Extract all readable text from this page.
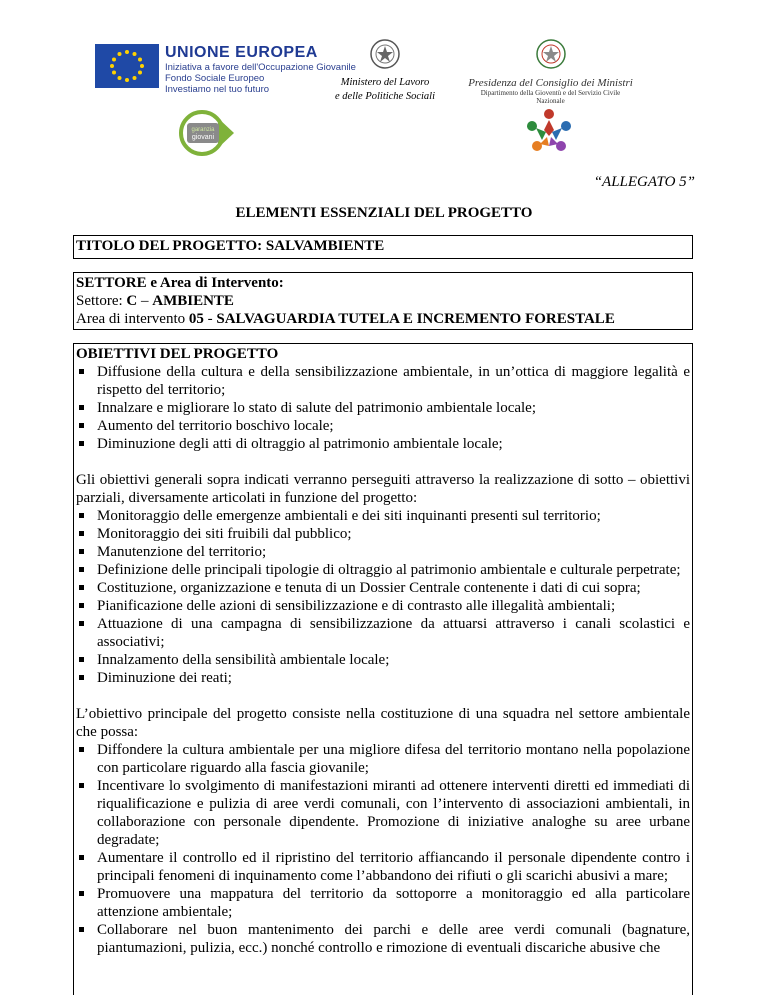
UNIONE EUROPEA
Iniziativa a favore dell'Occupazione Giovanile
Fondo Sociale Europeo
Investiamo nel tuo futuro
Ministero del Lavoro
e delle Politiche Sociali
Presidenza del Consiglio dei Ministri
Dipartimento della Gioventù e del Servizio Civile Nazionale
garanzia
giovani
“ALLEGATO 5”
ELEMENTI ESSENZIALI DEL PROGETTO
TITOLO DEL PROGETTO: SALVAMBIENTE
SETTORE e Area di Intervento:
Settore: C – AMBIENTE
Area di intervento 05 - SALVAGUARDIA TUTELA E INCREMENTO FORESTALE
OBIETTIVI DEL PROGETTO
Diffusione della cultura e della sensibilizzazione ambientale, in un’ottica di maggiore legalità e rispetto del territorio;
Innalzare e migliorare lo stato di salute del patrimonio ambientale locale;
Aumento del territorio boschivo locale;
Diminuzione degli atti di oltraggio al patrimonio ambientale locale;

Gli obiettivi generali sopra indicati verranno perseguiti attraverso la realizzazione di sotto – obiettivi parziali, diversamente articolati in funzione del progetto:

Monitoraggio delle emergenze ambientali e dei siti inquinanti presenti sul territorio;
Monitoraggio dei siti fruibili dal pubblico;
Manutenzione del territorio;
Definizione delle principali tipologie di oltraggio al patrimonio ambientale e culturale perpetrate;
Costituzione, organizzazione e tenuta di un Dossier Centrale contenente i dati di cui sopra;
Pianificazione delle azioni di sensibilizzazione e di contrasto alle illegalità ambientali;
Attuazione di una campagna di sensibilizzazione da attuarsi attraverso i canali scolastici e associativi;
Innalzamento della sensibilità ambientale locale;
Diminuzione dei reati;

L’obiettivo principale del progetto consiste nella costituzione di una squadra nel settore ambientale che possa:

Diffondere la cultura ambientale per una migliore difesa del territorio montano nella popolazione con particolare riguardo alla fascia giovanile;
Incentivare lo svolgimento di manifestazioni miranti ad ottenere interventi diretti ed immediati di riqualificazione e pulizia di aree verdi comunali, con l’intervento di associazioni ambientali, in collaborazione con personale dipendente. Promozione di iniziative analoghe su aree urbane degradate;
Aumentare il controllo ed il ripristino del territorio affiancando il personale dipendente contro i principali fenomeni di inquinamento come l’abbandono dei rifiuti o gli scarichi abusivi a mare;
Promuovere una mappatura del territorio da sottoporre a monitoraggio ed alla particolare attenzione ambientale;
Collaborare nel buon mantenimento dei parchi e delle aree verdi comunali (bagnature, piantumazioni, pulizia, ecc.) nonché controllo e rimozione di eventuali discariche abusive che
